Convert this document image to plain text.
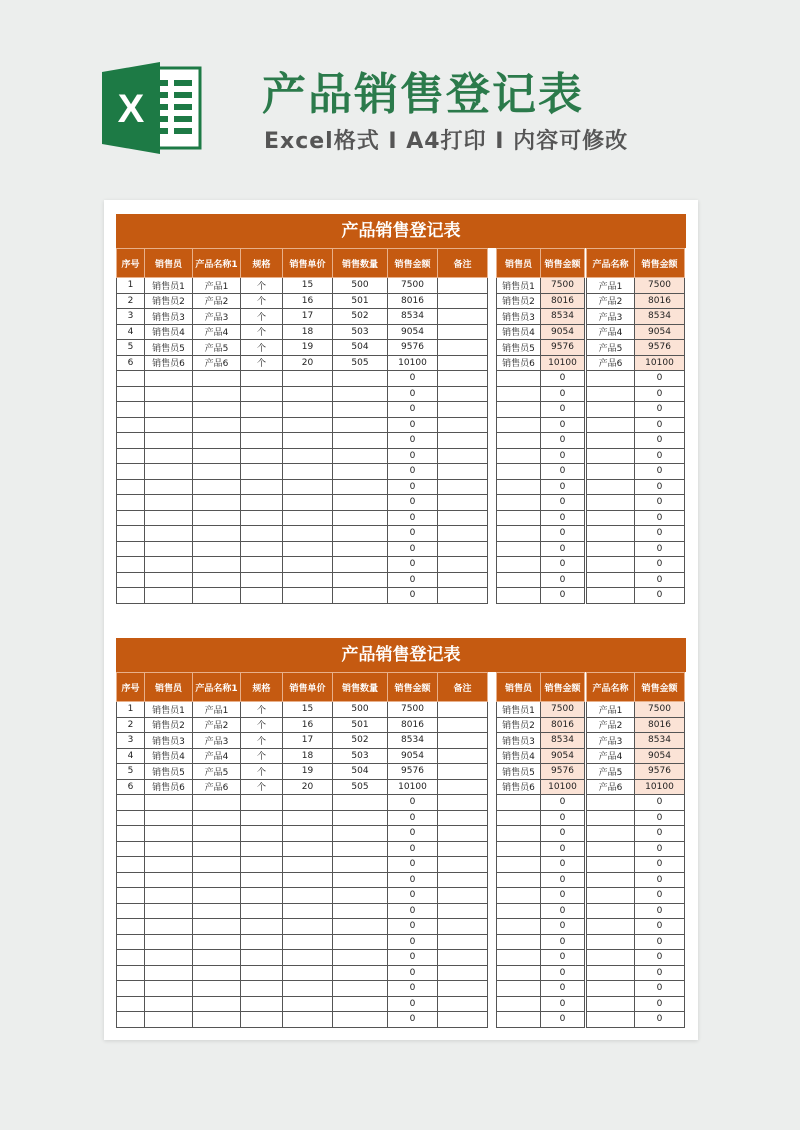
X	产品销售登记表
Excel格式 I A4打印 I 内容可修改
产品销售登记表
序号	销售员	产品名称1	规格	销售单价	销售数量	销售金额	备注
1	销售员1	产品1	个	15	500	7500	
2	销售员2	产品2	个	16	501	8016	
3	销售员3	产品3	个	17	502	8534	
4	销售员4	产品4	个	18	503	9054	
5	销售员5	产品5	个	19	504	9576	
6	销售员6	产品6	个	20	505	10100	
						0	
						0	
						0	
						0	
						0	
						0	
						0	
						0	
						0	
						0	
						0	
						0	
						0	
						0	
						0	
销售员	销售金额
销售员1	7500
销售员2	8016
销售员3	8534
销售员4	9054
销售员5	9576
销售员6	10100
	0
	0
	0
	0
	0
	0
	0
	0
	0
	0
	0
	0
	0
	0
	0
产品名称	销售金额
产品1	7500
产品2	8016
产品3	8534
产品4	9054
产品5	9576
产品6	10100
	0
	0
	0
	0
	0
	0
	0
	0
	0
	0
	0
	0
	0
	0
	0
产品销售登记表
序号	销售员	产品名称1	规格	销售单价	销售数量	销售金额	备注
1	销售员1	产品1	个	15	500	7500	
2	销售员2	产品2	个	16	501	8016	
3	销售员3	产品3	个	17	502	8534	
4	销售员4	产品4	个	18	503	9054	
5	销售员5	产品5	个	19	504	9576	
6	销售员6	产品6	个	20	505	10100	
						0	
						0	
						0	
						0	
						0	
						0	
						0	
						0	
						0	
						0	
						0	
						0	
						0	
						0	
						0	
销售员	销售金额
销售员1	7500
销售员2	8016
销售员3	8534
销售员4	9054
销售员5	9576
销售员6	10100
	0
	0
	0
	0
	0
	0
	0
	0
	0
	0
	0
	0
	0
	0
	0
产品名称	销售金额
产品1	7500
产品2	8016
产品3	8534
产品4	9054
产品5	9576
产品6	10100
	0
	0
	0
	0
	0
	0
	0
	0
	0
	0
	0
	0
	0
	0
	0
